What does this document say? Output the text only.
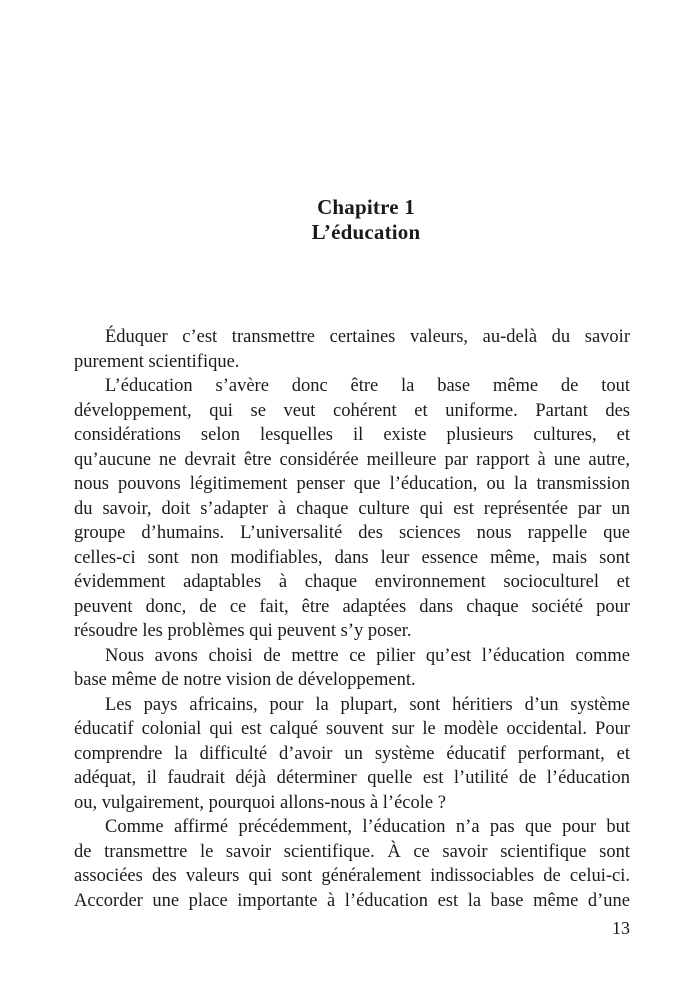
Chapitre 1
L’éducation
Éduquer c’est transmettre certaines valeurs, au-delà du savoir
purement scientifique.
L’éducation s’avère donc être la base même de tout
développement, qui se veut cohérent et uniforme. Partant des
considérations selon lesquelles il existe plusieurs cultures, et
qu’aucune ne devrait être considérée meilleure par rapport à une autre,
nous pouvons légitimement penser que l’éducation, ou la transmission
du savoir, doit s’adapter à chaque culture qui est représentée par un
groupe d’humains. L’universalité des sciences nous rappelle que
celles-ci sont non modifiables, dans leur essence même, mais sont
évidemment adaptables à chaque environnement socioculturel et
peuvent donc, de ce fait, être adaptées dans chaque société pour
résoudre les problèmes qui peuvent s’y poser.
Nous avons choisi de mettre ce pilier qu’est l’éducation comme
base même de notre vision de développement.
Les pays africains, pour la plupart, sont héritiers d’un système
éducatif colonial qui est calqué souvent sur le modèle occidental. Pour
comprendre la difficulté d’avoir un système éducatif performant, et
adéquat, il faudrait déjà déterminer quelle est l’utilité de l’éducation
ou, vulgairement, pourquoi allons-nous à l’école ?
Comme affirmé précédemment, l’éducation n’a pas que pour but
de transmettre le savoir scientifique. À ce savoir scientifique sont
associées des valeurs qui sont généralement indissociables de celui-ci.
Accorder une place importante à l’éducation est la base même d’une
13
